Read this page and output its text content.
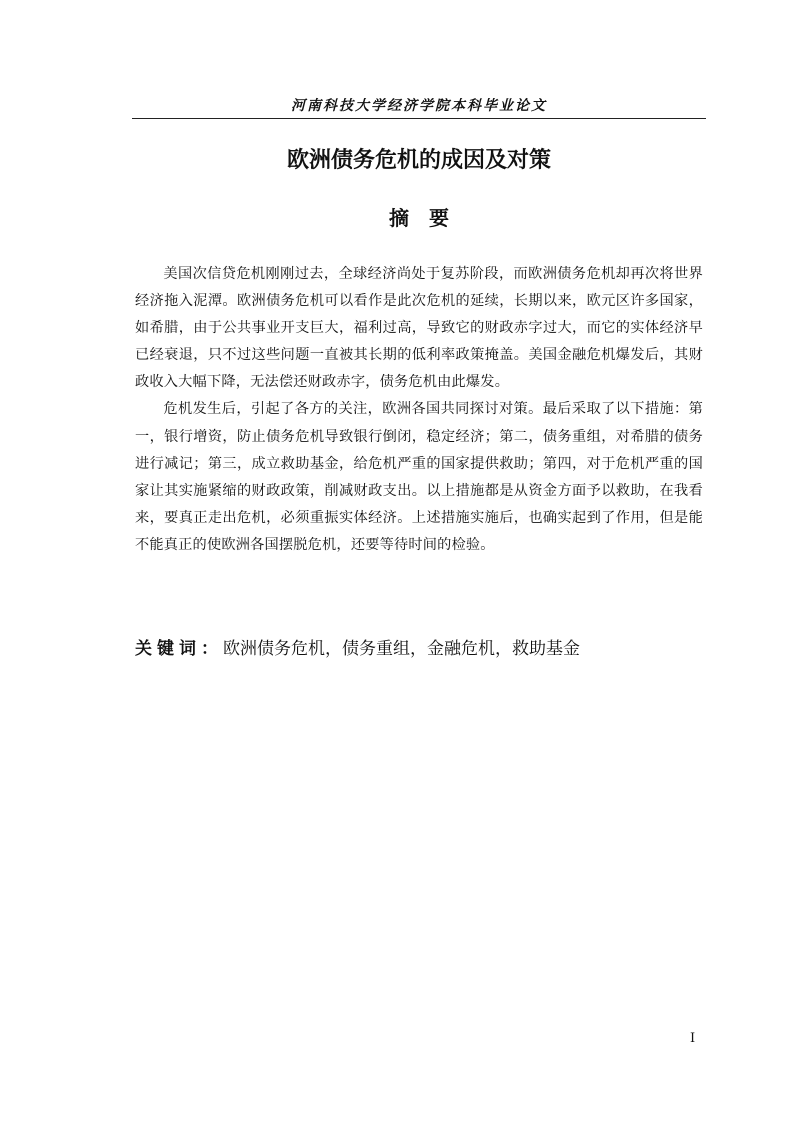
河南科技大学经济学院本科毕业论文
欧洲债务危机的成因及对策
摘要

美国次信贷危机刚刚过去，全球经济尚处于复苏阶段，而欧洲债务危机却再次将世界经济拖入泥潭。欧洲债务危机可以看作是此次危机的延续，长期以来，欧元区许多国家，如希腊，由于公共事业开支巨大，福利过高，导致它的财政赤字过大，而它的实体经济早已经衰退，只不过这些问题一直被其长期的低利率政策掩盖。美国金融危机爆发后，其财政收入大幅下降，无法偿还财政赤字，债务危机由此爆发。

危机发生后，引起了各方的关注，欧洲各国共同探讨对策。最后采取了以下措施：第一，银行增资，防止债务危机导致银行倒闭，稳定经济；第二，债务重组，对希腊的债务进行减记；第三，成立救助基金，给危机严重的国家提供救助；第四，对于危机严重的国家让其实施紧缩的财政政策，削减财政支出。以上措施都是从资金方面予以救助，在我看来，要真正走出危机，必须重振实体经济。上述措施实施后，也确实起到了作用，但是能不能真正的使欧洲各国摆脱危机，还要等待时间的检验。

关键词：欧洲债务危机，债务重组，金融危机，救助基金
I
